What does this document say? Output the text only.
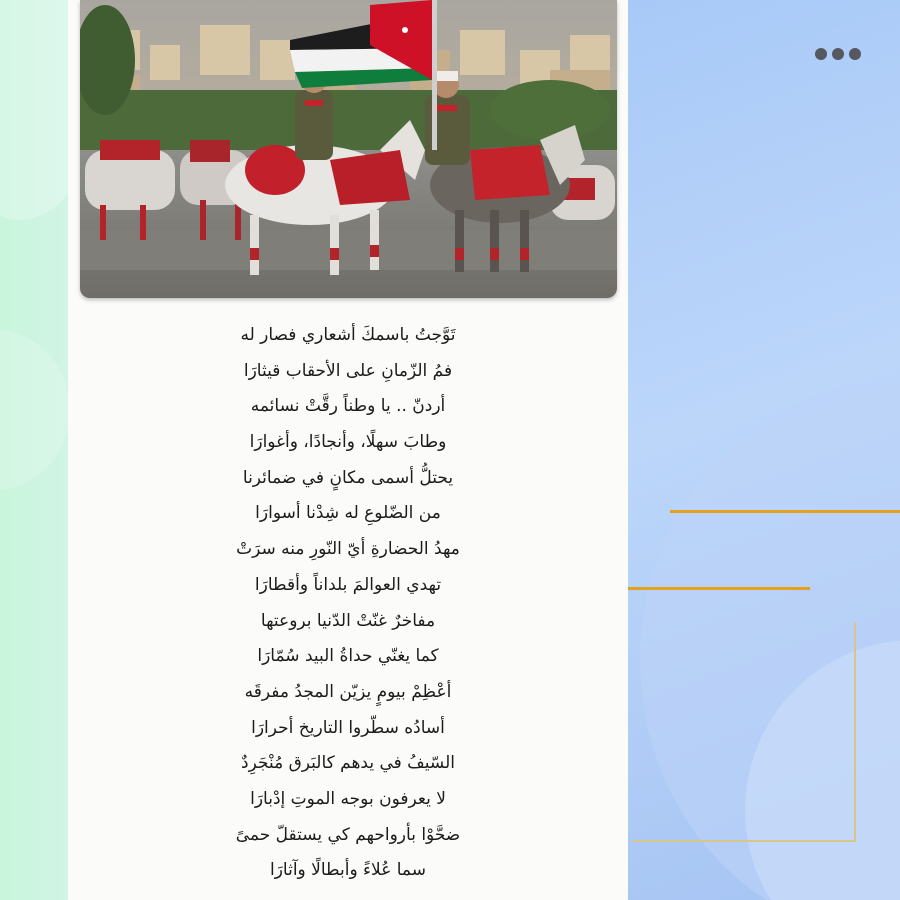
تَوَّجتُ باسمكَ أشعاري فصار له
فمُ الزّمانِ على الأحقاب قيثارَا
أردنّ .. يا وطناً رقَّتْ نسائمه
وطابَ سهلًا، وأنجادًا، وأغوارَا
يحتلُّ أسمى مكانٍ في ضمائرنا
من الضّلوعِ له شِدْنا أسوارَا
مهدُ الحضارةِ أيّ النّورِ منه سرَتْ
تهدي العوالمَ بلداناً وأقطارَا
مفاخرٌ غنّتْ الدّنيا بروعتها
كما يغنّي حداةُ البيد سُمّارَا
أعْظِمْ بيومٍ يزيّن المجدُ مفرقَه
أسادُه سطّروا التاريخ أحرارَا
السّيفُ في يدهم كالبَرق مُنْجَرِدٌ
لا يعرفون بوجه الموتِ إدْبارَا
ضحَّوْا بأرواحهم كي يستقلّ حمىً
سما عُلاءً وأبطالًا وآثارَا
